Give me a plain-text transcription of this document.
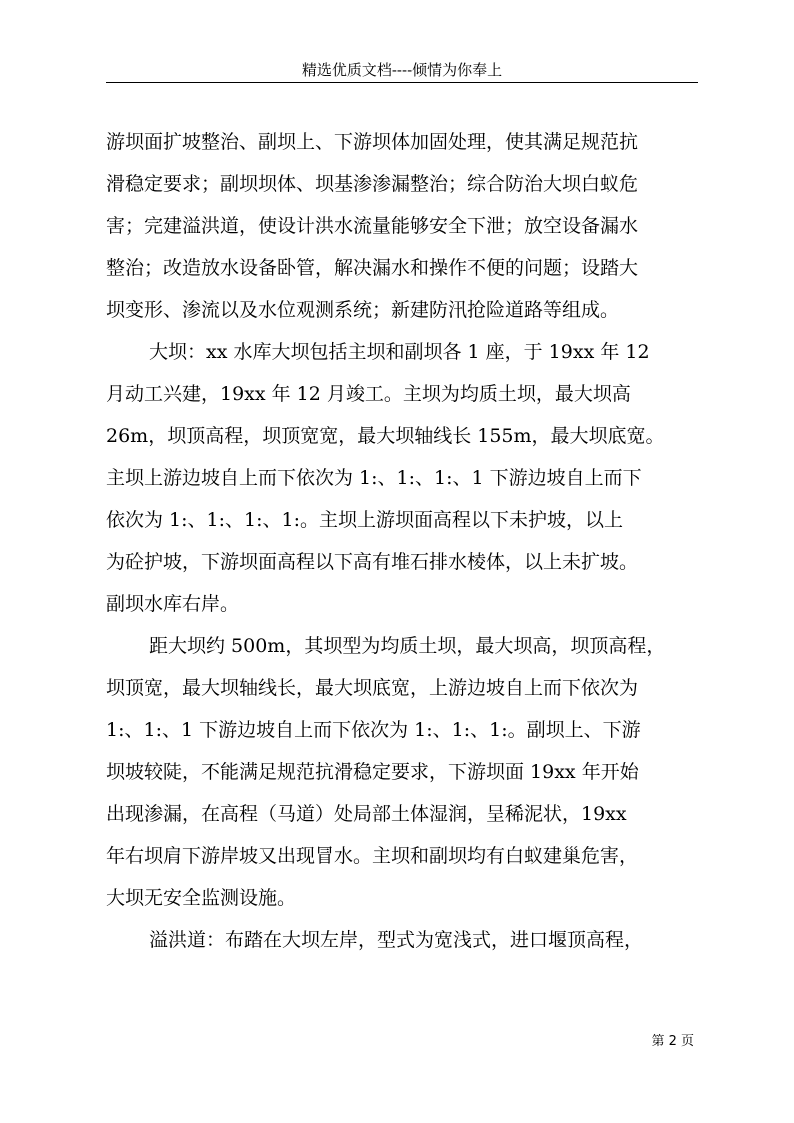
精选优质文档----倾情为你奉上
游坝面扩坡整治、副坝上、下游坝体加固处理，使其满足规范抗
滑稳定要求；副坝坝体、坝基渗渗漏整治；综合防治大坝白蚁危
害；完建溢洪道，使设计洪水流量能够安全下泄；放空设备漏水
整治；改造放水设备卧管，解决漏水和操作不便的问题；设踏大
坝变形、渗流以及水位观测系统；新建防汛抢险道路等组成。
大坝：xx 水库大坝包括主坝和副坝各 1 座，于 19xx 年 12
月动工兴建，19xx 年 12 月竣工。主坝为均质土坝，最大坝高
26m，坝顶高程，坝顶宽宽，最大坝轴线长 155m，最大坝底宽。
主坝上游边坡自上而下依次为 1:、1:、1:、1 下游边坡自上而下
依次为 1:、1:、1:、1:。主坝上游坝面高程以下未护坡，以上
为砼护坡，下游坝面高程以下高有堆石排水棱体，以上未扩坡。
副坝水库右岸。
距大坝约 500m，其坝型为均质土坝，最大坝高，坝顶高程，
坝顶宽，最大坝轴线长，最大坝底宽，上游边坡自上而下依次为
1:、1:、1 下游边坡自上而下依次为 1:、1:、1:。副坝上、下游
坝坡较陡，不能满足规范抗滑稳定要求，下游坝面 19xx 年开始
出现渗漏，在高程（马道）处局部土体湿润，呈稀泥状，19xx
年右坝肩下游岸坡又出现冒水。主坝和副坝均有白蚁建巢危害，
大坝无安全监测设施。
溢洪道：布踏在大坝左岸，型式为宽浅式，进口堰顶高程，
第 2 页
